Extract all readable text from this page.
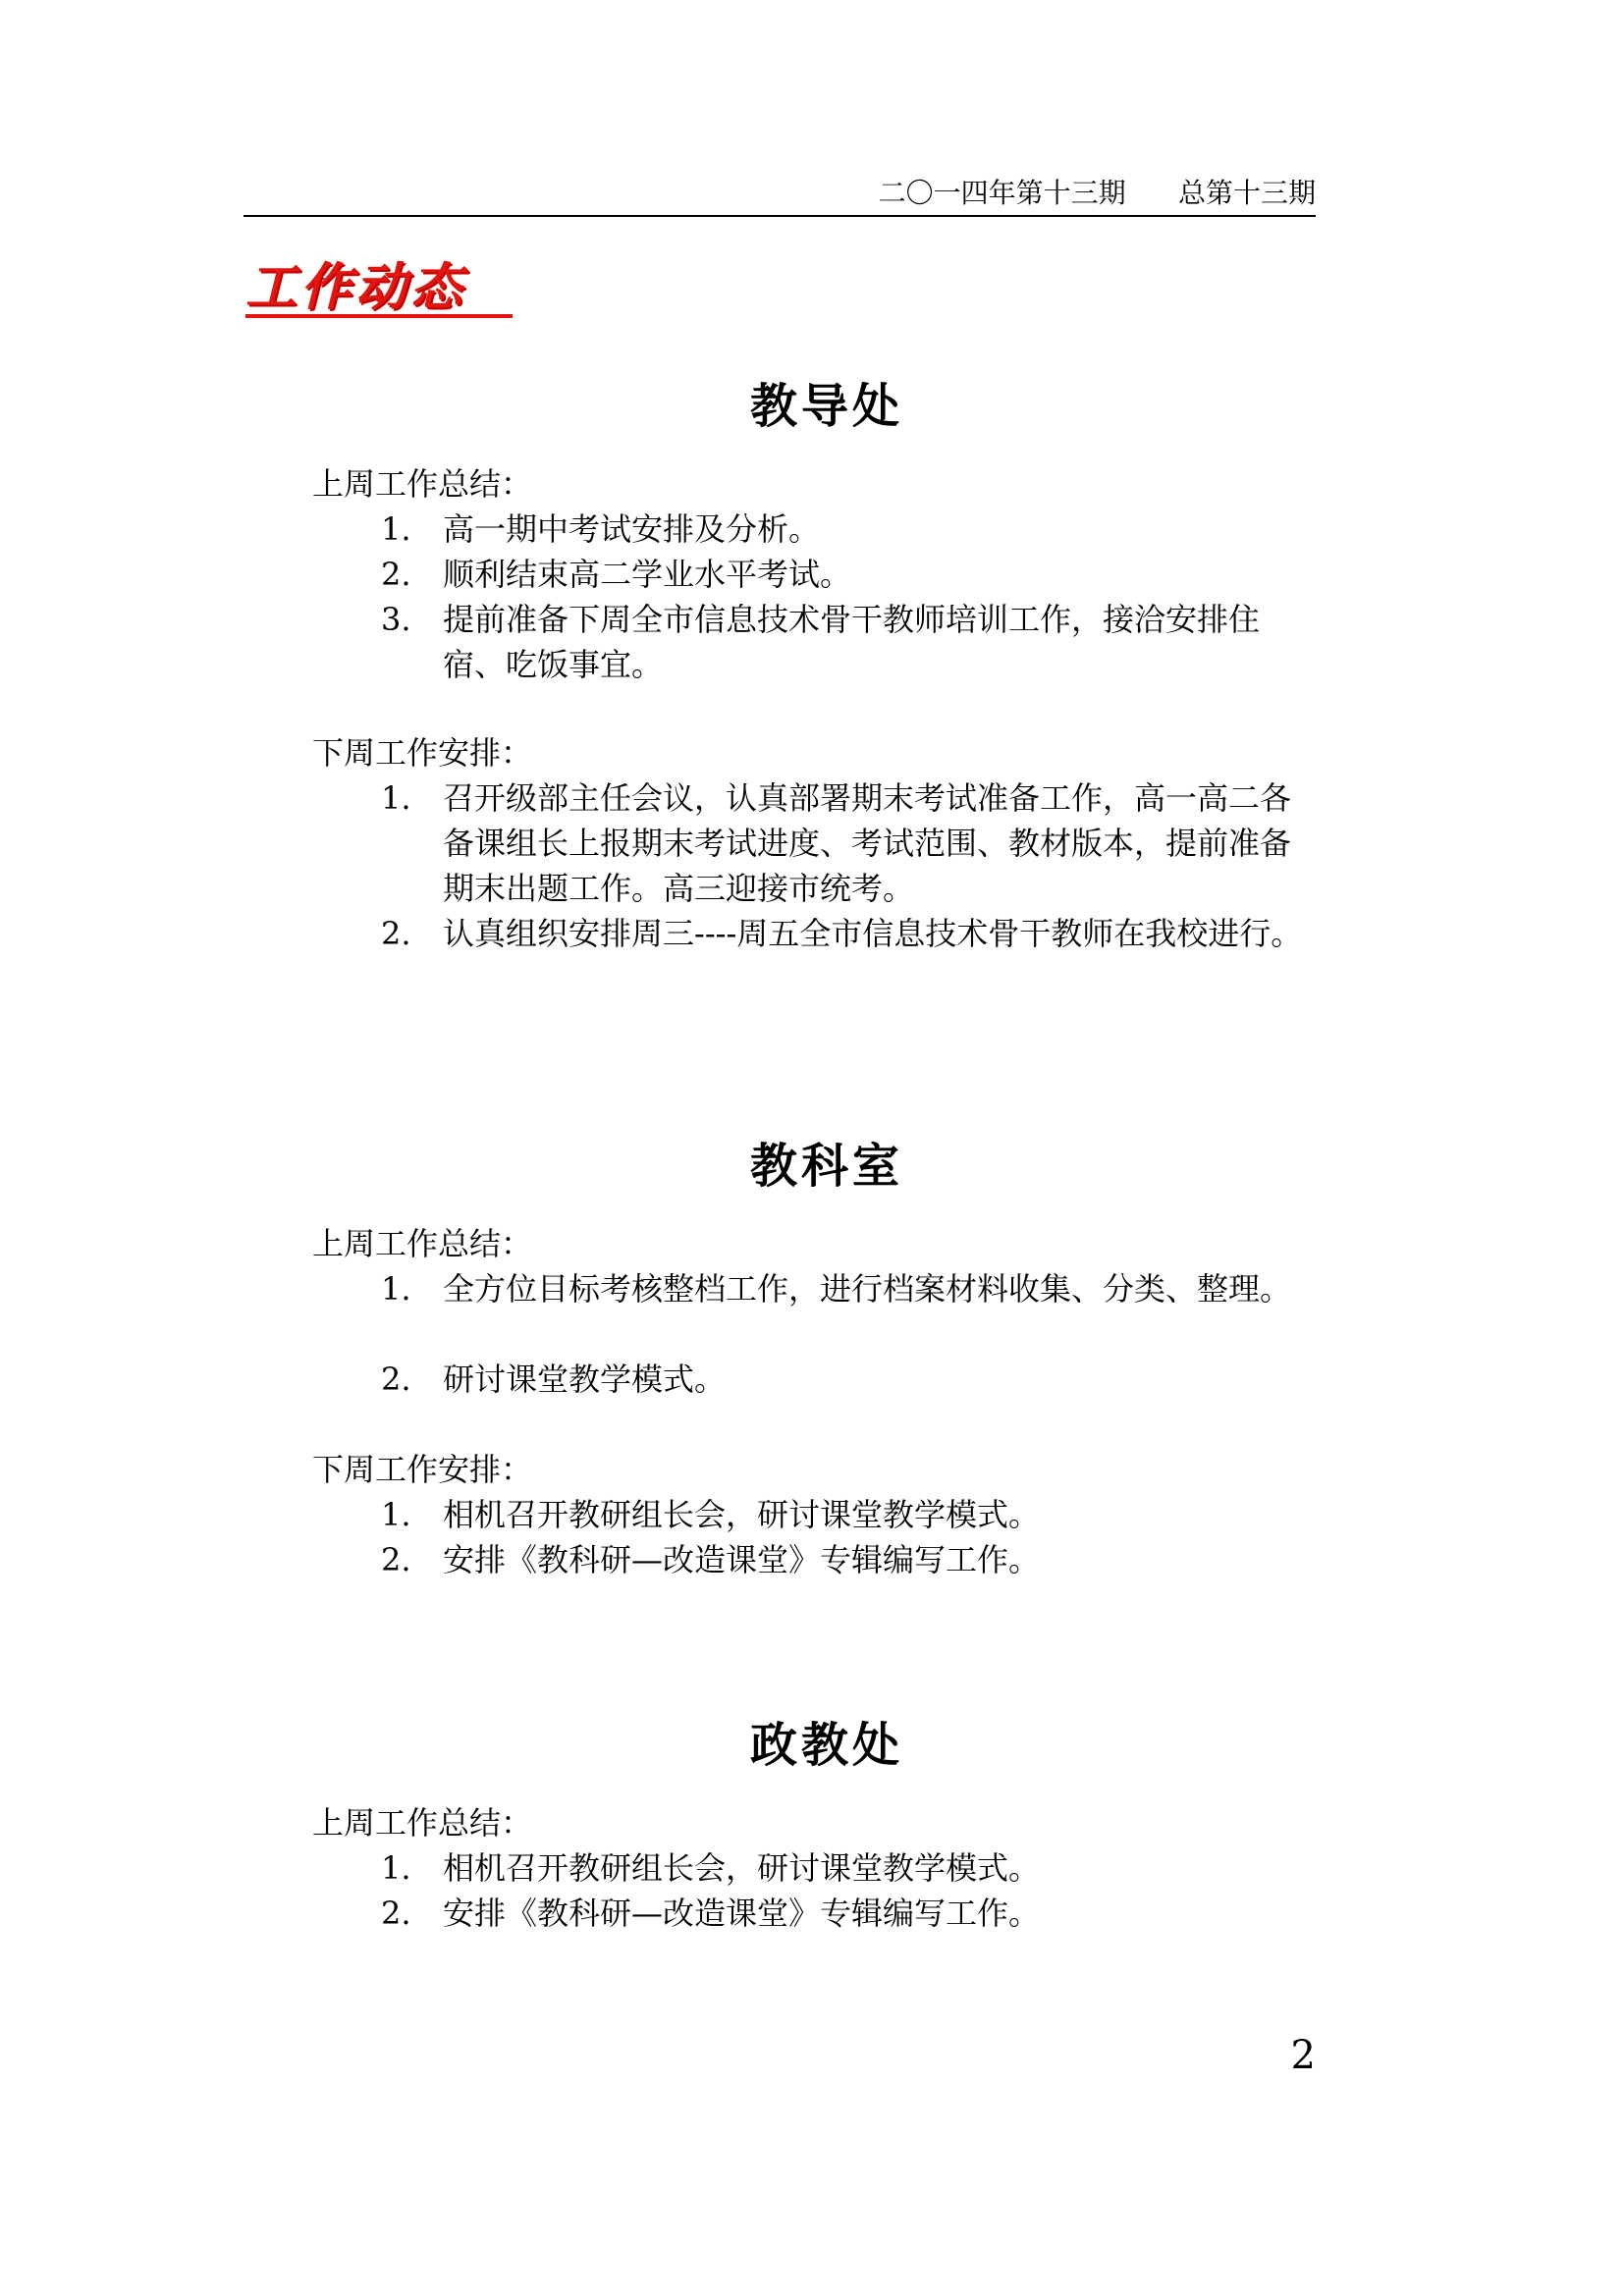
二〇一四年第十三期 总第十三期
工作动态
教导处
上周工作总结：
1.	高一期中考试安排及分析。
2.	顺利结束高二学业水平考试。
3.	提前准备下周全市信息技术骨干教师培训工作，接洽安排住宿、吃饭事宜。
下周工作安排：
1.	召开级部主任会议，认真部署期末考试准备工作，高一高二各备课组长上报期末考试进度、考试范围、教材版本，提前准备期末出题工作。高三迎接市统考。
2.	认真组织安排周三----周五全市信息技术骨干教师在我校进行。
教科室
上周工作总结：
1.	全方位目标考核整档工作，进行档案材料收集、分类、整理。
2.	研讨课堂教学模式。
下周工作安排：
1.	相机召开教研组长会，研讨课堂教学模式。
2.	安排《教科研—改造课堂》专辑编写工作。
政教处
上周工作总结：
1.	相机召开教研组长会，研讨课堂教学模式。
2.	安排《教科研—改造课堂》专辑编写工作。
2
